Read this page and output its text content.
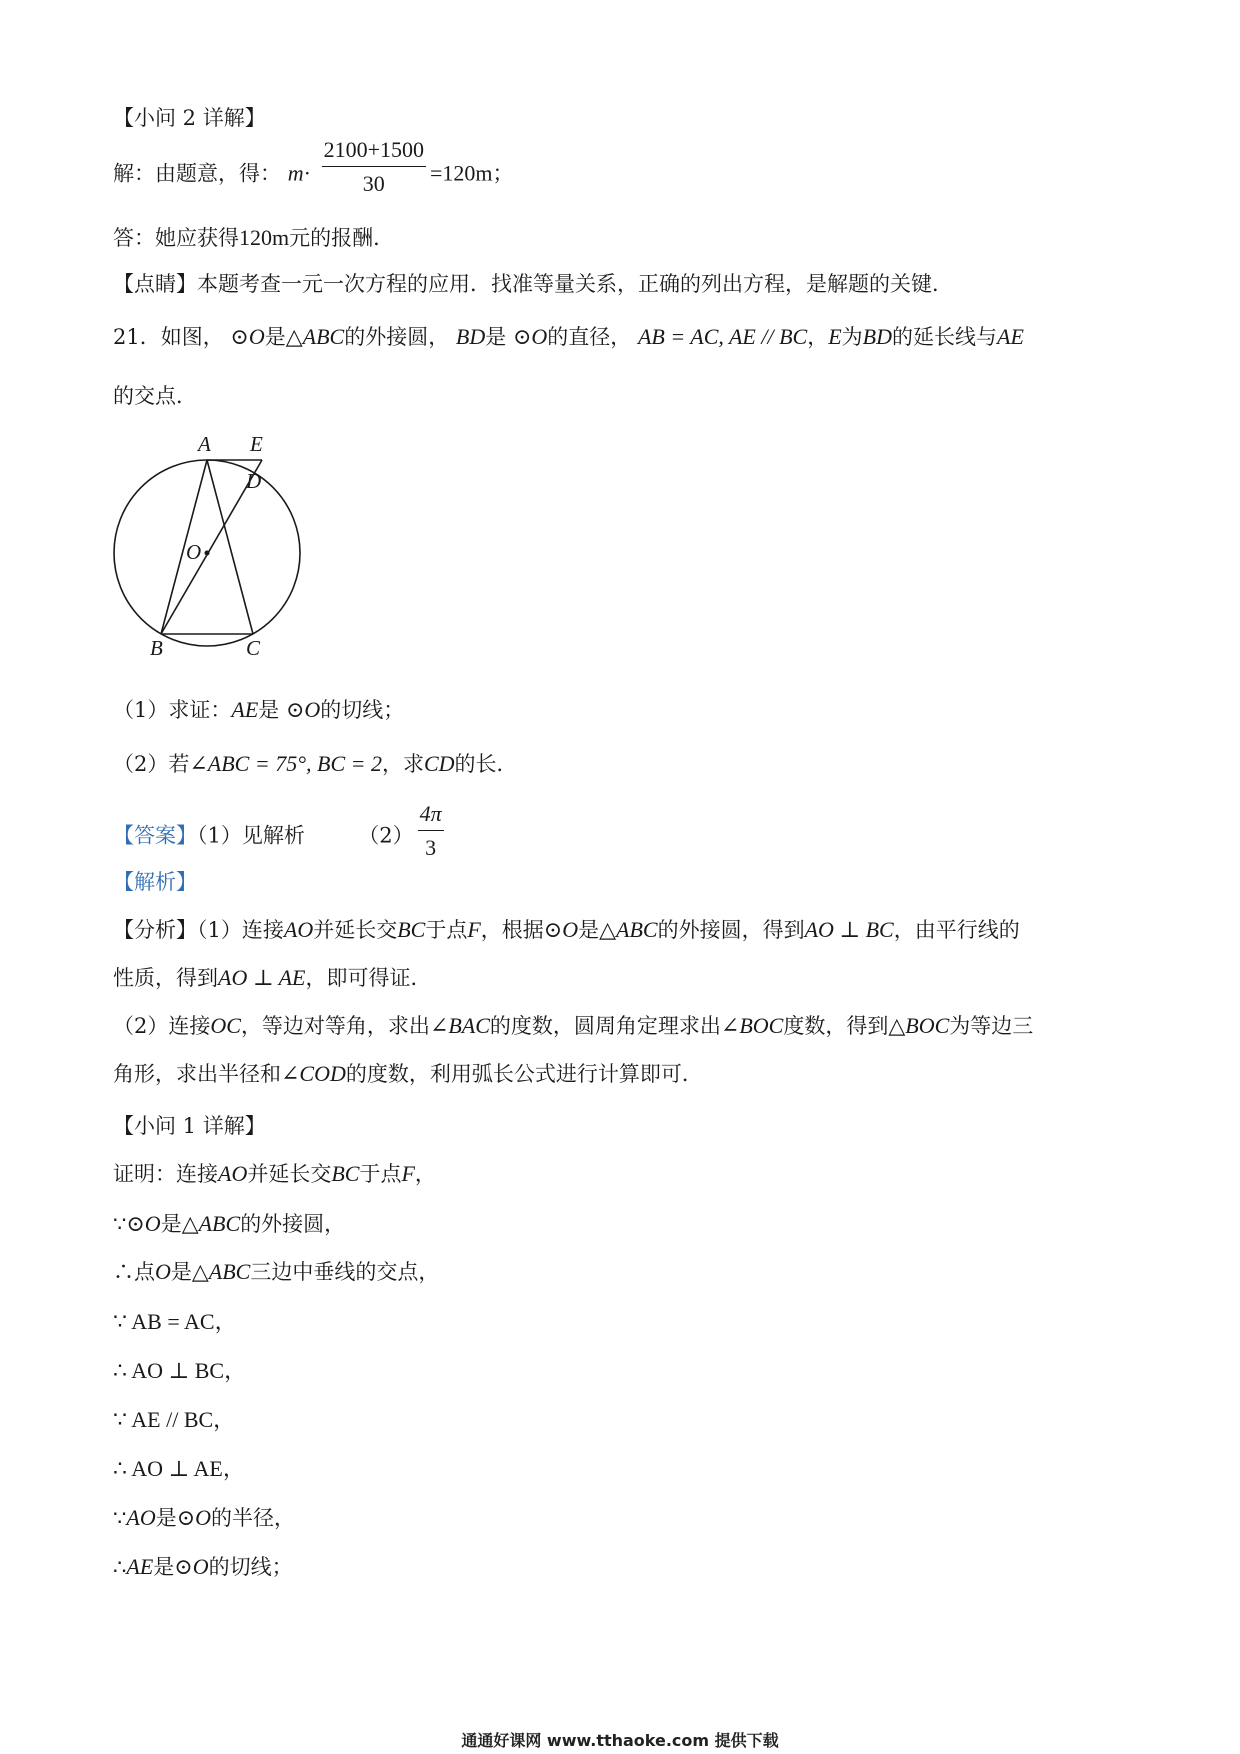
【小问 2 详解】
解：由题意，得： $m\cdot \frac{2100+1500}{30} =120m$；
答：她应获得120m元的报酬．
【点睛】本题考查一元一次方程的应用．找准等量关系，正确的列出方程，是解题的关键．
21．如图， ⊙O是△ABC的外接圆， BD是 ⊙O的直径， AB = AC, AE // BC，E为BD的延长线与AE
的交点．
A E
D
O
B	C
（1）求证：AE是 ⊙O的切线；
（2）若∠ABC = 75°, BC = 2，求CD的长．
【答案】（1）见解析	$(2) \frac{4\pi}{3}$
【解析】
【分析】（1）连接AO并延长交BC于点F，根据⊙O是△ABC的外接圆，得到AO ⊥ BC，由平行线的
性质，得到AO ⊥ AE，即可得证．
（2）连接OC，等边对等角，求出∠BAC的度数，圆周角定理求出∠BOC度数，得到△BOC为等边三
角形，求出半径和∠COD的度数，利用弧长公式进行计算即可．
【小问 1 详解】
证明：连接AO并延长交BC于点F，
∵⊙O是△ABC的外接圆，
∴点O是△ABC三边中垂线的交点，
∵ AB = AC，
∴ AO ⊥ BC，
∵ AE // BC，
∴ AO ⊥ AE，
∵AO是⊙O的半径，
∴AE是⊙O的切线；
通通好课网 www.tthaoke.com 提供下载
